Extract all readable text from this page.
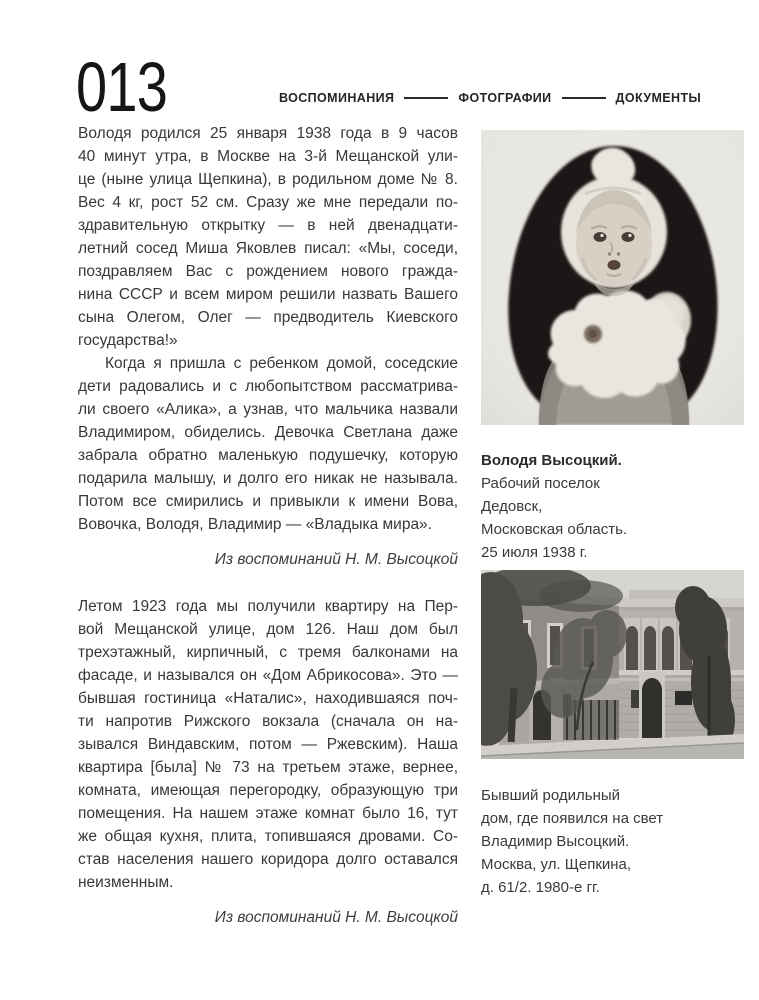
013	ВОСПОМИНАНИЯ	ФОТОГРАФИИ	ДОКУМЕНТЫ
Володя родился 25 января 1938 года в 9 часов
40 минут утра, в Москве на 3-й Мещанской ули-
це (ныне улица Щепкина), в родильном доме № 8.
Вес 4 кг, рост 52 см. Сразу же мне передали по-
здравительную открытку — в ней двенадцати-
летний сосед Миша Яковлев писал: «Мы, соседи,
поздравляем Вас с рождением нового гражда-
нина СССР и всем миром решили назвать Вашего
сына Олегом, Олег — предводитель Киевского
государства!»
Когда я пришла с ребенком домой, соседские
дети радовались и с любопытством рассматрива-
ли своего «Алика», а узнав, что мальчика назвали
Владимиром, обиделись. Девочка Светлана даже
забрала обратно маленькую подушечку, которую
подарила малышу, и долго его никак не называла.
Потом все смирились и привыкли к имени Вова,
Вовочка, Володя, Владимир — «Владыка мира».
Из воспоминаний Н. М. Высоцкой
Летом 1923 года мы получили квартиру на Пер-
вой Мещанской улице, дом 126. Наш дом был
трехэтажный, кирпичный, с тремя балконами на
фасаде, и назывался он «Дом Абрикосова». Это —
бывшая гостиница «Наталис», находившаяся поч-
ти напротив Рижского вокзала (сначала он на-
зывался Виндавским, потом — Ржевским). Наша
квартира [была] № 73 на третьем этаже, вернее,
комната, имеющая перегородку, образующую три
помещения. На нашем этаже комнат было 16, тут
же общая кухня, плита, топившаяся дровами. Со-
став населения нашего коридора долго оставался
неизменным.
Из воспоминаний Н. М. Высоцкой
Володя Высоцкий.
Рабочий поселок
Дедовск,
Московская область.
25 июля 1938 г.
Бывший родильный
дом, где появился на свет
Владимир Высоцкий.
Москва, ул. Щепкина,
д. 61/2. 1980-е гг.
